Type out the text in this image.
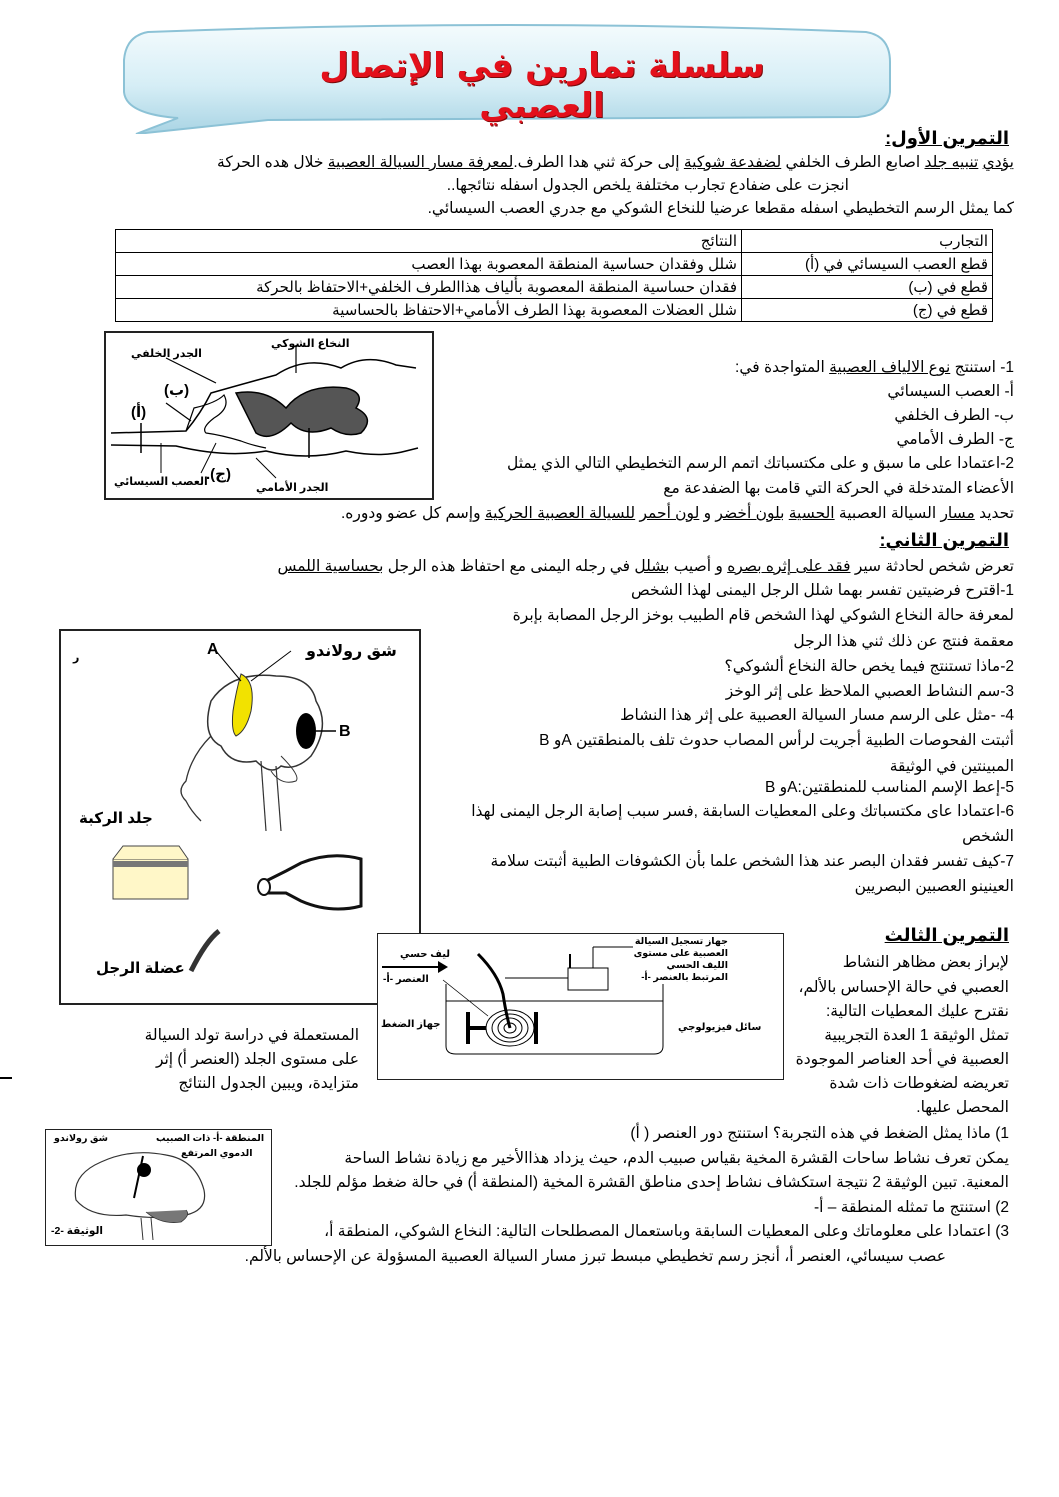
سلسلة تمارين في الإتصال العصبي
التمرين الأول:
يؤدي تنبيه جلد اصابع الطرف الخلفي لضفدعة شوكية إلى حركة ثني هدا الطرف.لمعرفة مسار السيالة العصبية خلال هده الحركة
انجزت على ضفادع تجارب مختلفة يلخص الجدول اسفله نتائجها..
كما يمثل الرسم التخطيطي اسفله مقطعا عرضيا للنخاع الشوكي مع جدري العصب السيسائي.
التجارب	النتائج
قطع العصب السيسائي في (أ)	شلل وفقدان حساسية المنطقة المعصوبة بهذا العصب
قطع في (ب)	فقدان حساسية المنطقة المعصوبة بألياف هذاالطرف الخلفي+الاحتفاظ بالحركة
قطع في (ج)	شلل العضلات المعصوبة بهذا الطرف الأمامي+الاحتفاظ بالحساسية
النخاع الشوكي
الجدر الخلفي
(ب)
(أ)
(ج).
العصب السيسائي	الجدر الأمامي
1- استنتج نوع الالياف العصبية المتواجدة في:
أ- العصب السيسائي
ب- الطرف الخلفي
ج- الطرف الأمامي
2-اعتمادا على ما سبق و على مكتسباتك اتمم الرسم التخطيطي التالي الذي يمثل
الأعضاء المتدخلة في الحركة التي قامت بها الضفدعة مع
تحديد مسار السيالة العصبية الحسية بلون أخضر و لون أحمر للسيالة العصبية الحركية وإسم كل عضو ودوره.
التمرين الثاني:
تعرض شخص لحادثة سير فقد على إثره بصره و أصيب بشلل في رجله اليمنى مع احتفاظ هذه الرجل بحساسية اللمس
1-اقترح فرضيتين تفسر بهما شلل الرجل اليمنى لهذا الشخص
لمعرفة حالة النخاع الشوكي لهذا الشخص قام الطبيب بوخز الرجل المصابة بإبرة
معقمة فنتج عن ذلك ثني هذا الرجل
2-ماذا تستنتج فيما يخص حالة النخاع ألشوكي؟
3-سم النشاط العصبي الملاحظ على إثر الوخز
4- -مثل على الرسم مسار السيالة العصبية على إثر هذا النشاط
أثبتت الفحوصات الطبية أجريت لرأس المصاب حدوث تلف بالمنطقتين Aو B
المبينتين في الوثيقة
5-إعط الإسم المناسب للمنطقتين:Aو B
6-اعتمادا عاى مكتسباتك وعلى المعطيات السابقة ,فسر سبب إصابة الرجل اليمنى لهذا
الشخص
7-كيف تفسر فقدان البصر عند هذا الشخص علما بأن الكشوفات الطبية أثبتت سلامة
العينينو العصبين البصريين
ر	A	شق رولاندو
B
جلد الركبة
عضلة الرجل
التمرين الثالث
لإبراز بعض مظاهر النشاط
العصبي في حالة الإحساس بالألم،
نقترح عليك المعطيات التالية:
تمثل الوثيقة 1 العدة التجريبية
العصبية في أحد العناصر الموجودة
تعريضه لضغوطات ذات شدة
المحصل عليها.
المستعملة في دراسة تولد السيالة
على مستوى الجلد (العنصر أ) إثر
متزايدة، ويبين الجدول النتائج
جهاز تسجيل السيالة العصبية على مستوى الليف الحسي المرتبط بالعنصر -أ-
ليف حسي
العنصر -أ-
جهاز الضغط	سائل فيزيولوجي
1) ماذا يمثل الضغط في هذه التجربة؟ استنتج دور العنصر ( أ)
يمكن تعرف نشاط ساحات القشرة المخية بقياس صبيب الدم، حيث يزداد هذاالأخير مع زيادة نشاط الساحة
المعنية. تبين الوثيقة 2 نتيجة استكشاف نشاط إحدى مناطق القشرة المخية (المنطقة أ) في حالة ضغط مؤلم للجلد.
2) استنتج ما تمثله المنطقة – أ-
3) اعتمادا على معلوماتك وعلى المعطيات السابقة وباستعمال المصطلحات التالية: النخاع الشوكي، المنطقة أ،
عصب سيسائي، العنصر أ، أنجز رسم تخطيطي مبسط تبرز مسار السيالة العصبية المسؤولة عن الإحساس بالألم.
شق رولاندو	المنطقة -أ- ذات الصبيب
الدموي المرتفع
الوثيقة -2-
